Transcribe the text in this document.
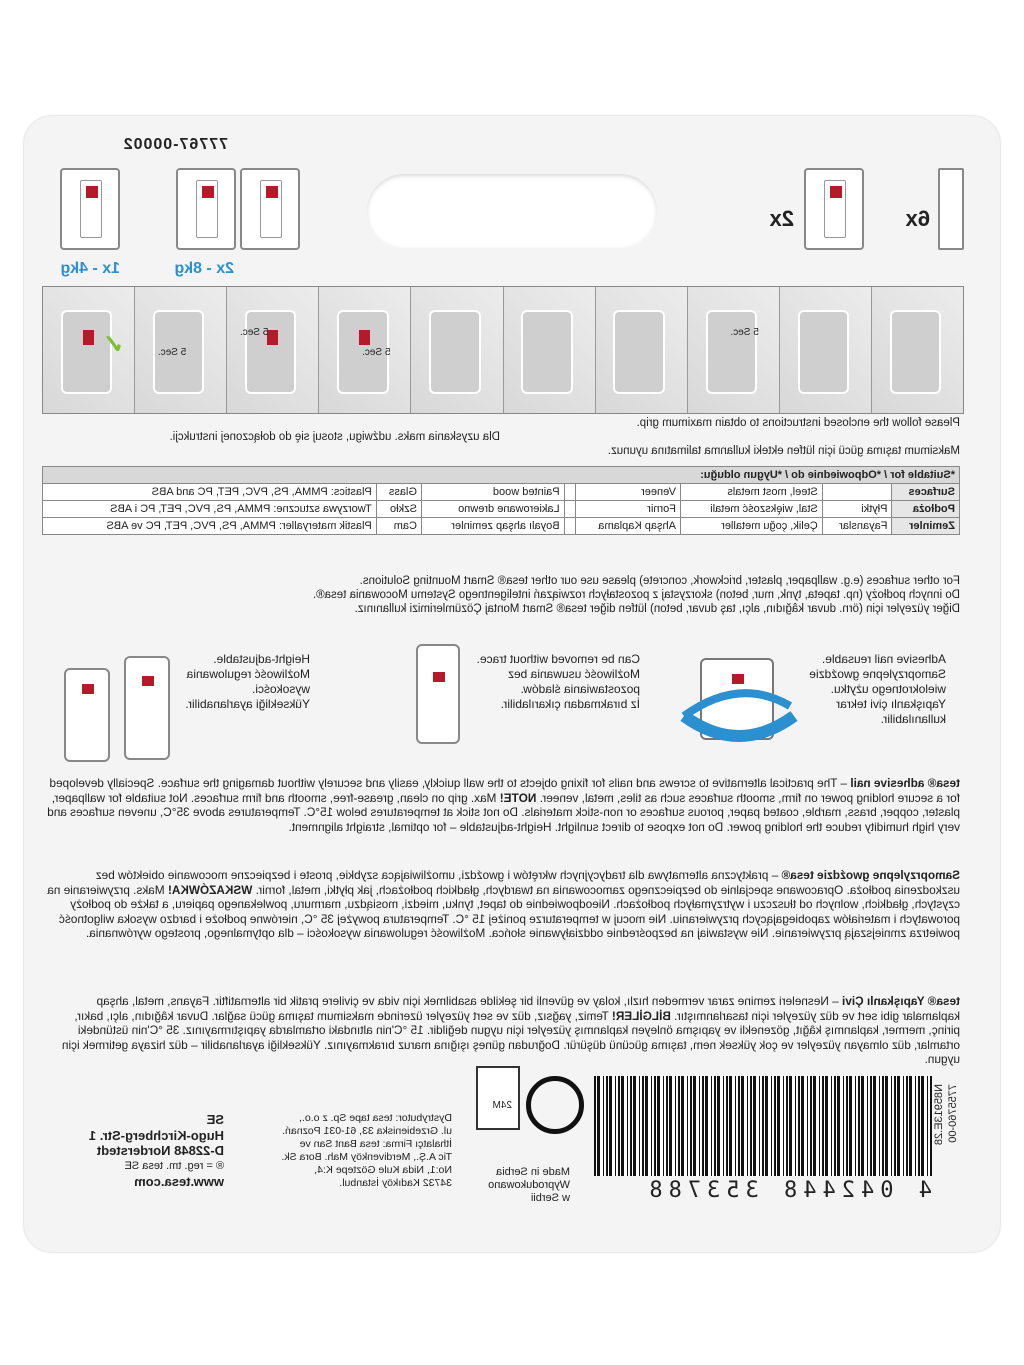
77767-00002
1x - 4kg	2x - 8kg
2x	6x
5 Sec.
5 Sec.
5 Sec.
5 Sec.
✓
Please follow the enclosed instructions to obtain maximum grip.
Dla uzyskania maks. udźwigu, stosuj się do dołączonej instrukcji.
Maksimum taşıma gücü için lütfen ekteki kullanma talimatına uyunuz.
*Suitable for / *Odpowiednie do / *Uygun olduğu:							
Surfaces		Steel, most metals	Veneer		Painted wood	Glass	Plastics: PMMA, PS, PVC, PET, PC and ABS
Podłoża	Płytki	Stal, większość metali	Fornir		Lakierowane drewno	Szkło	Tworzywa sztuczne: PMMA, PS, PVC, PET, PC i ABS
Zeminler	Fayanslar	Çelik, çoğu metaller	Ahşap Kaplama		Boyalı ahşap zeminler	Cam	Plastik materyaller: PMMA, PS, PVC, PET, PC ve ABS
For other surfaces (e.g. wallpaper, plaster, brickwork, concrete) please use our other tesa® Smart Mounting Solutions.
Do innych podłoży (np. tapeta, tynk, mur, beton) skorzystaj z pozostałych rozwiązań inteligentnego Systemu Mocowania tesa®.
Diğer yüzeyler için (örn. duvar kâğıdın, alçı, taş duvar, beton) lütfen diğer tesa® Smart Montaj Çözümlerimizi kullanınız.
Height-adjustable.
Możliwość regulowania
wysokości.
Yüksekliği ayarlanabilir.
Can be removed without trace.
Możliwość usuwania bez
pozostawiania śladów.
İz bırakmadan çıkarılabilir.
Adhesive nail reusable.
Samoprzylepne gwoździe
wielokrotnego użytku.
Yapışkanlı çivi tekrar
kullanılabilir.
tesa® adhesive nail – The practical alternative to screws and nails for fixing objects to the wall quickly, easily and securely without damaging the surface. Specially developed for a secure holding power on firm, smooth surfaces such as tiles, metal, veneer. NOTE! Max. grip on clean, grease-free, smooth and firm surfaces. Not suitable for wallpaper, plaster, copper, brass, marble, coated paper, porous surfaces or non-stick materials. Do not stick at temperatures below 15°C. Temperatures above 35°C, uneven surfaces and very high humidity reduce the holding power. Do not expose to direct sunlight. Height-adjustable – for optimal, straight alignment.
Samoprzylepne gwoździe tesa® – praktyczna alternatywa dla tradycyjnych wkrętów i gwoździ, umożliwiająca szybkie, proste i bezpieczne mocowanie obiektów bez uszkodzenia podłoża. Opracowane specjalnie do bezpiecznego zamocowania na twardych, gładkich podłożach, jak płytki, metal, fornir. WSKAZÓWKA! Maks. przywieranie na czystych, gładkich, wolnych od tłuszczu i wytrzymałych podłożach. Nieodpowiednie do tapet, tynku, miedzi, mosiądzu, marmuru, powlekanego papieru, a także do podłoży porowatych i materiałów zapobiegających przywieraniu. Nie mocuj w temperaturze poniżej 15 °C. Temperatura powyżej 35 °C, nierówne podłoże i bardzo wysoka wilgotność powietrza zmniejszają przywieranie. Nie wystawiaj na bezpośrednie oddziaływanie słońca. Możliwość regulowania wysokości – dla optymalnego, prostego wyrównania.
tesa® Yapışkanlı Çivi – Nesneleri zemine zarar vermeden hızlı, kolay ve güvenli bir şekilde asabilmek için vida ve çivilere pratik bir alternatiftir. Fayans, metal, ahşap kaplamalar gibi sert ve düz yüzeyler için tasarlanmıştır. BİLGİLER! Temiz, yağsız, düz ve sert yüzeyler üzerinde maksimum taşıma gücü sağlar. Duvar kâğıdın, alçı, bakır, pirinç, mermer, kaplanmış kâğıt, gözenekli ve yapışma önleyen kaplanmış yüzeyler için uygun değildir. 15 °C'nin altındaki ortamlarda yapıştırmayınız. 35 °C'nin üstündeki ortamlar, düz olmayan yüzeyler ve çok yüksek nem, taşıma gücünü düşürür. Doğrudan güneş ışığına maruz bırakmayınız. Yüksekliği ayarlanabilir – düz hizaya getirmek için uygun.
SE
Hugo-Kirchberg-Str. 1
D-22848 Norderstedt
® = reg. tm. tesa SE
www.tesa.com
Dystrybutor: tesa tape Sp. z o.o.,
ul. Grzebieniska 33, 61-031 Poznań.
İthalatçı Firma: tesa Bant San ve
Tic A.Ş., Merdivenköy Mah. Bora Sk.
No:1, Nida Kule Göztepe K:4,
34732 Kadıköy İstanbul.
24M
Made in Serbia
Wyprodukowano
w Serbii	4 042448 353788
N85913E.28 7755760-00
